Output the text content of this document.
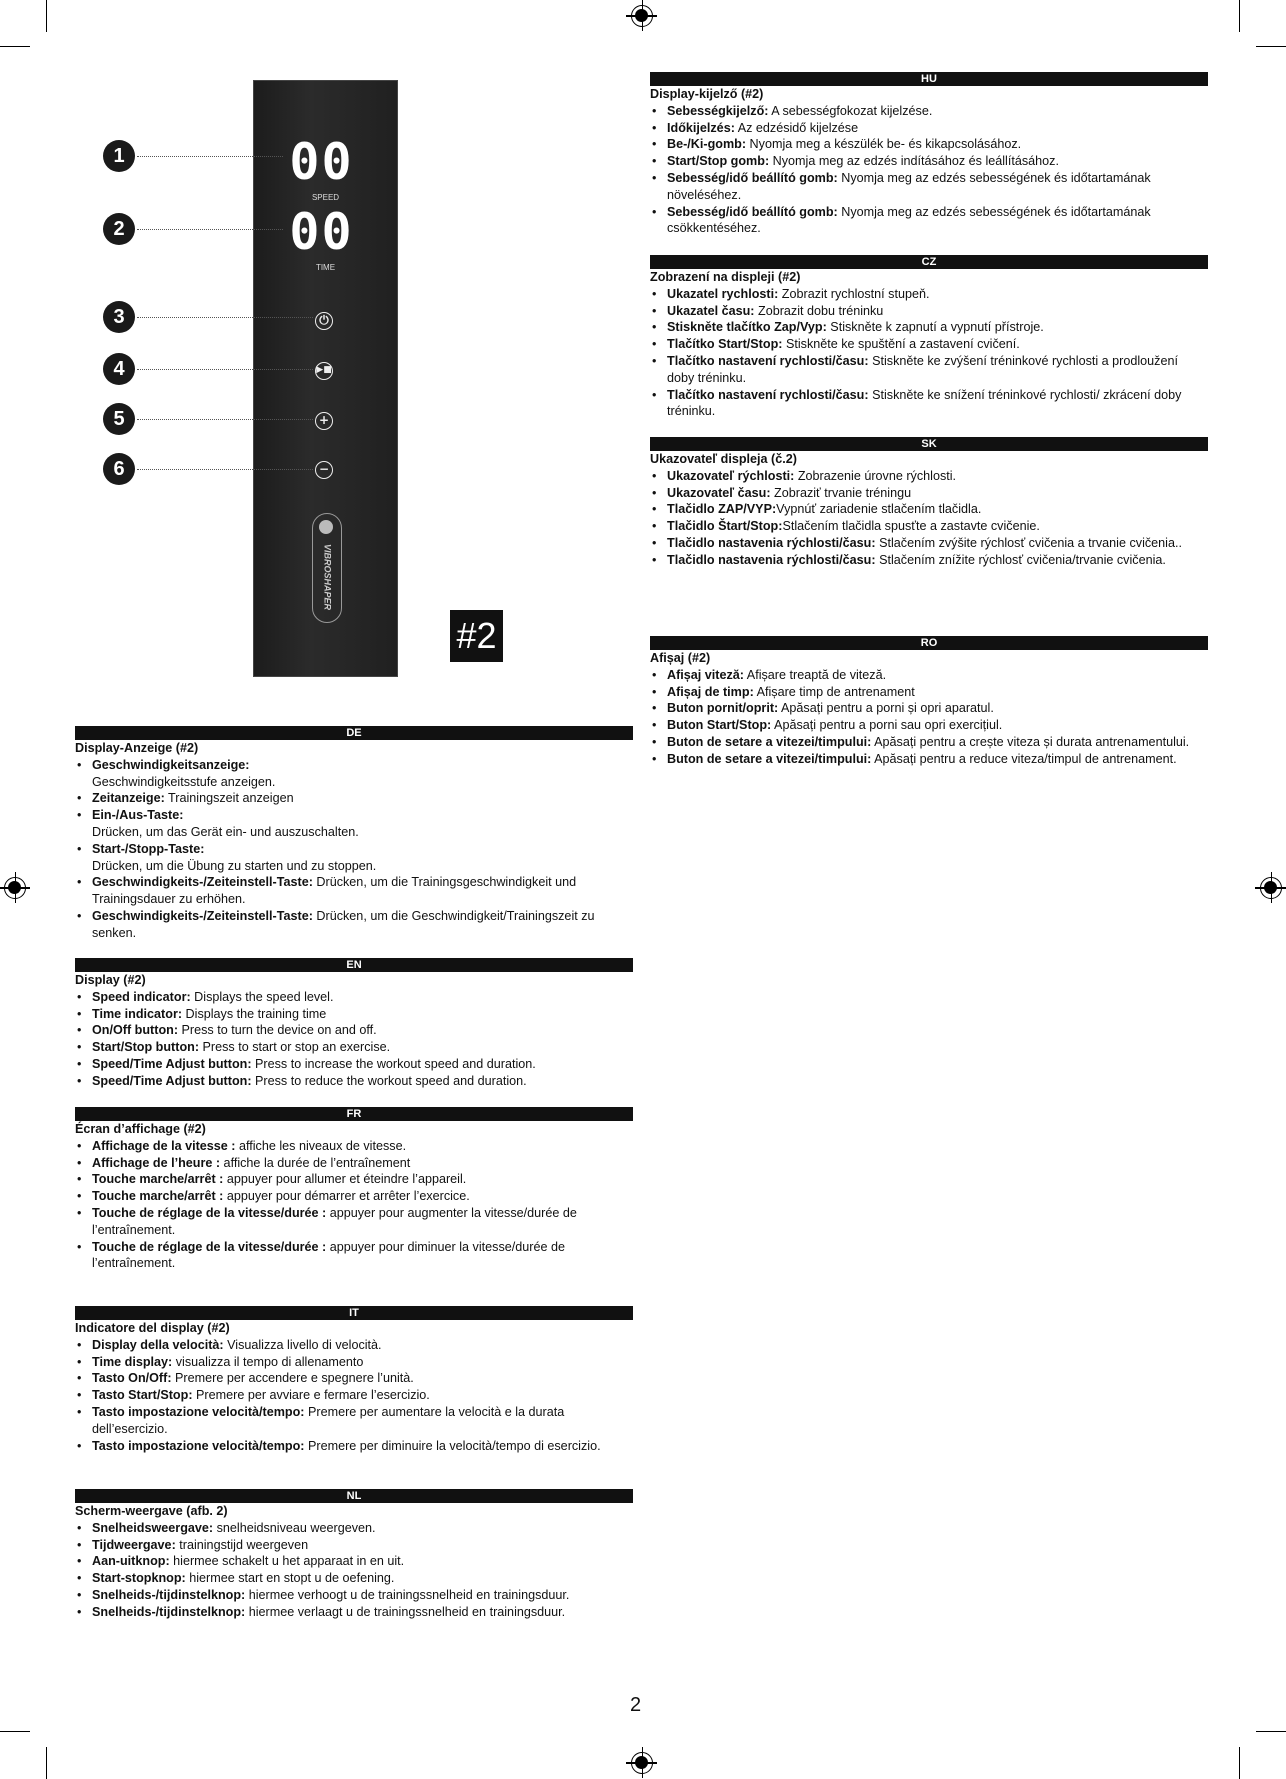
00
SPEED
00
TIME
⏻
▶■
+
−
VIBROSHAPER
1
2
3
4
5
6
#2
DE
Display-Anzeige (#2)
• Geschwindigkeitsanzeige:
Geschwindigkeitsstufe anzeigen.
• Zeitanzeige: Trainingszeit anzeigen
• Ein-/Aus-Taste:
Drücken, um das Gerät ein- und auszuschalten.
• Start-/Stopp-Taste:
Drücken, um die Übung zu starten und zu stoppen.
• Geschwindigkeits-/Zeiteinstell-Taste: Drücken, um die Trainingsgeschwindigkeit und Trainingsdauer zu erhöhen.
• Geschwindigkeits-/Zeiteinstell-Taste: Drücken, um die Geschwindigkeit/Trainingszeit zu senken.
EN
Display (#2)
• Speed indicator: Displays the speed level.
• Time indicator: Displays the training time
• On/Off button: Press to turn the device on and off.
• Start/Stop button: Press to start or stop an exercise.
• Speed/Time Adjust button: Press to increase the workout speed and duration.
• Speed/Time Adjust button: Press to reduce the workout speed and duration.
FR
Écran d’affichage (#2)
• Affichage de la vitesse : affiche les niveaux de vitesse.
• Affichage de l’heure : affiche la durée de l’entraînement
• Touche marche/arrêt : appuyer pour allumer et éteindre l’appareil.
• Touche marche/arrêt : appuyer pour démarrer et arrêter l’exercice.
• Touche de réglage de la vitesse/durée : appuyer pour augmenter la vitesse/durée de l’entraînement.
• Touche de réglage de la vitesse/durée : appuyer pour diminuer la vitesse/durée de l’entraînement.
IT
Indicatore del display (#2)
• Display della velocità: Visualizza livello di velocità.
• Time display: visualizza il tempo di allenamento
• Tasto On/Off: Premere per accendere e spegnere l’unità.
• Tasto Start/Stop: Premere per avviare e fermare l’esercizio.
• Tasto impostazione velocità/tempo: Premere per aumentare la velocità e la durata dell’esercizio.
• Tasto impostazione velocità/tempo: Premere per diminuire la velocità/tempo di esercizio.
NL
Scherm-weergave (afb. 2)
• Snelheidsweergave: snelheidsniveau weergeven.
• Tijdweergave: trainingstijd weergeven
• Aan-uitknop: hiermee schakelt u het apparaat in en uit.
• Start-stopknop: hiermee start en stopt u de oefening.
• Snelheids-/tijdinstelknop: hiermee verhoogt u de trainingssnelheid en trainingsduur.
• Snelheids-/tijdinstelknop: hiermee verlaagt u de trainingssnelheid en trainingsduur.
HU
Display-kijelző (#2)
• Sebességkijelző: A sebességfokozat kijelzése.
• Időkijelzés: Az edzésidő kijelzése
• Be-/Ki-gomb: Nyomja meg a készülék be- és kikapcsolásához.
• Start/Stop gomb: Nyomja meg az edzés indításához és leállításához.
• Sebesség/idő beállító gomb: Nyomja meg az edzés sebességének és időtartamának növeléséhez.
• Sebesség/idő beállító gomb: Nyomja meg az edzés sebességének és időtartamának csökkentéséhez.
CZ
Zobrazení na displeji (#2)
• Ukazatel rychlosti: Zobrazit rychlostní stupeň.
• Ukazatel času: Zobrazit dobu tréninku
• Stiskněte tlačítko Zap/Vyp: Stiskněte k zapnutí a vypnutí přístroje.
• Tlačítko Start/Stop: Stiskněte ke spuštění a zastavení cvičení.
• Tlačítko nastavení rychlosti/času: Stiskněte ke zvýšení tréninkové rychlosti a prodloužení doby tréninku.
• Tlačítko nastavení rychlosti/času: Stiskněte ke snížení tréninkové rychlosti/ zkrácení doby tréninku.
SK
Ukazovateľ displeja (č.2)
• Ukazovateľ rýchlosti: Zobrazenie úrovne rýchlosti.
• Ukazovateľ času: Zobraziť trvanie tréningu
• Tlačidlo ZAP/VYP:Vypnúť zariadenie stlačením tlačidla.
• Tlačidlo Štart/Stop:Stlačením tlačidla spusťte a zastavte cvičenie.
• Tlačidlo nastavenia rýchlosti/času: Stlačením zvýšite rýchlosť cvičenia a trvanie cvičenia..
• Tlačidlo nastavenia rýchlosti/času: Stlačením znížite rýchlosť cvičenia/trvanie cvičenia.
RO
Afișaj (#2)
• Afișaj viteză: Afișare treaptă de viteză.
• Afișaj de timp: Afișare timp de antrenament
• Buton pornit/oprit: Apăsați pentru a porni și opri aparatul.
• Buton Start/Stop: Apăsați pentru a porni sau opri exercițiul.
• Buton de setare a vitezei/timpului: Apăsați pentru a crește viteza și durata antrenamentului.
• Buton de setare a vitezei/timpului: Apăsați pentru a reduce viteza/timpul de antrenament.
2
